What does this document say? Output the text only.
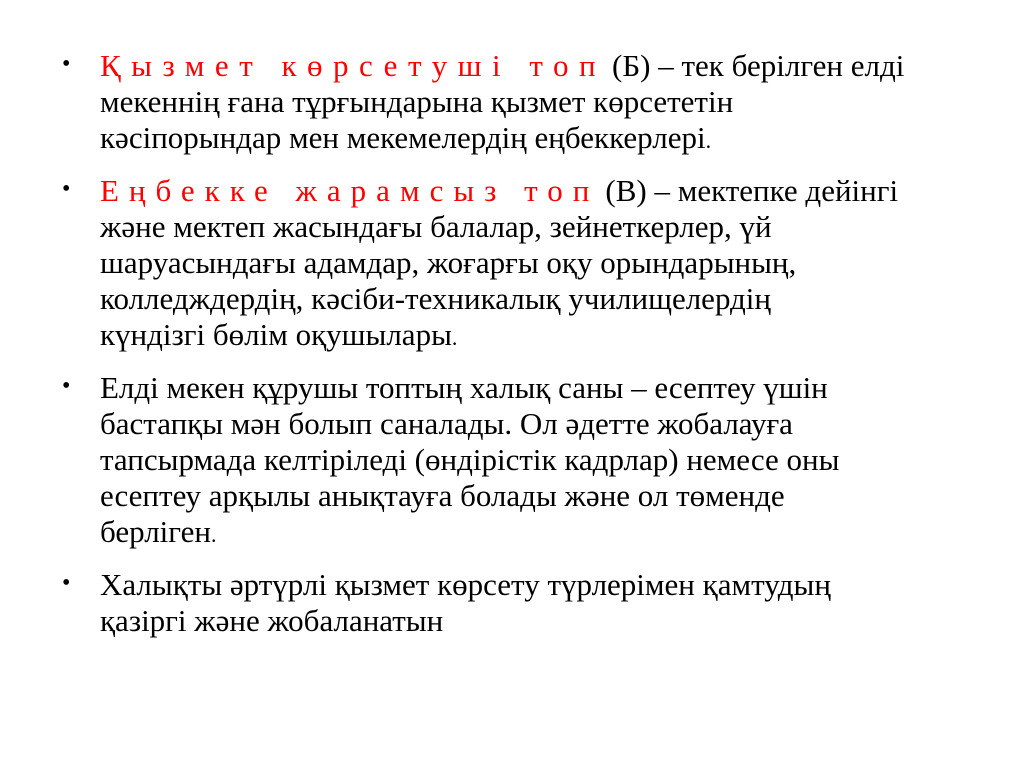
• Қызмет көрсетуші топ (Б) – тек берілген елді
мекеннің ғана тұрғындарына қызмет көрсететін
кәсіпорындар мен мекемелердің еңбеккерлері.
• Еңбекке жарамсыз топ (В) – мектепке дейінгі
және мектеп жасындағы балалар, зейнеткерлер, үй
шаруасындағы адамдар, жоғарғы оқу орындарының,
колледждердің, кәсіби-техникалық училищелердің
күндізгі бөлім оқушылары.
• Елді мекен құрушы топтың халық саны – есептеу үшін
бастапқы мән болып саналады. Ол әдетте жобалауға
тапсырмада келтіріледі (өндірістік кадрлар) немесе оны
есептеу арқылы анықтауға болады және ол төменде
берліген.
• Халықты әртүрлі қызмет көрсету түрлерімен қамтудың
қазіргі және жобаланатын
